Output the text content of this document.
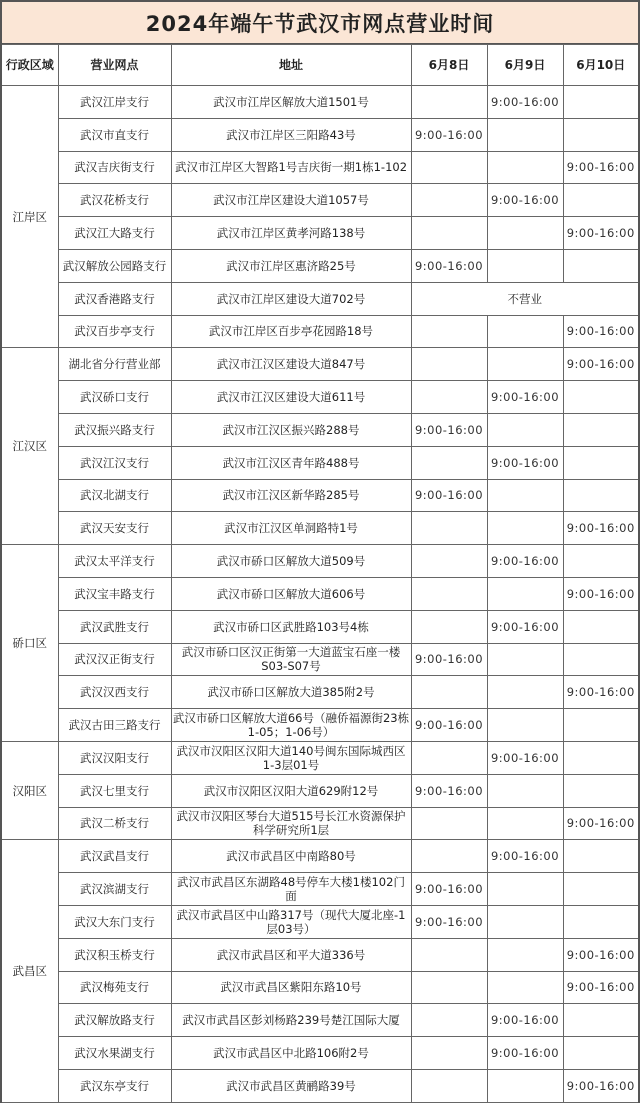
2024年端午节武汉市网点营业时间
行政区域	营业网点	地址	6月8日	6月9日	6月10日
江岸区	武汉江岸支行	武汉市江岸区解放大道1501号		9:00-16:00	
	武汉市直支行	武汉市江岸区三阳路43号	9:00-16:00		
	武汉吉庆街支行	武汉市江岸区大智路1号吉庆街一期1栋1-102			9:00-16:00
	武汉花桥支行	武汉市江岸区建设大道1057号		9:00-16:00	
	武汉江大路支行	武汉市江岸区黄孝河路138号			9:00-16:00
	武汉解放公园路支行	武汉市江岸区惠济路25号	9:00-16:00		
	武汉香港路支行	武汉市江岸区建设大道702号	不营业		
	武汉百步亭支行	武汉市江岸区百步亭花园路18号			9:00-16:00
江汉区	湖北省分行营业部	武汉市江汉区建设大道847号			9:00-16:00
	武汉硚口支行	武汉市江汉区建设大道611号		9:00-16:00	
	武汉振兴路支行	武汉市江汉区振兴路288号	9:00-16:00		
	武汉江汉支行	武汉市江汉区青年路488号		9:00-16:00	
	武汉北湖支行	武汉市江汉区新华路285号	9:00-16:00		
	武汉天安支行	武汉市江汉区单洞路特1号			9:00-16:00
硚口区	武汉太平洋支行	武汉市硚口区解放大道509号		9:00-16:00	
	武汉宝丰路支行	武汉市硚口区解放大道606号			9:00-16:00
	武汉武胜支行	武汉市硚口区武胜路103号4栋		9:00-16:00	
	武汉汉正街支行	武汉市硚口区汉正街第一大道蓝宝石座一楼S03-S07号	9:00-16:00		
	武汉汉西支行	武汉市硚口区解放大道385附2号			9:00-16:00
	武汉古田三路支行	武汉市硚口区解放大道66号（融侨福源街23栋1-05；1-06号）	9:00-16:00		
汉阳区	武汉汉阳支行	武汉市汉阳区汉阳大道140号闽东国际城西区1-3层01号		9:00-16:00	
	武汉七里支行	武汉市汉阳区汉阳大道629附12号	9:00-16:00		
	武汉二桥支行	武汉市汉阳区琴台大道515号长江水资源保护科学研究所1层			9:00-16:00
武昌区	武汉武昌支行	武汉市武昌区中南路80号		9:00-16:00	
	武汉滨湖支行	武汉市武昌区东湖路48号停车大楼1楼102门面	9:00-16:00		
	武汉大东门支行	武汉市武昌区中山路317号（现代大厦北座-1层03号）	9:00-16:00		
	武汉积玉桥支行	武汉市武昌区和平大道336号			9:00-16:00
	武汉梅苑支行	武汉市武昌区紫阳东路10号			9:00-16:00
	武汉解放路支行	武汉市武昌区彭刘杨路239号楚江国际大厦		9:00-16:00	
	武汉水果湖支行	武汉市武昌区中北路106附2号		9:00-16:00	
	武汉东亭支行	武汉市武昌区黄鹂路39号			9:00-16:00
